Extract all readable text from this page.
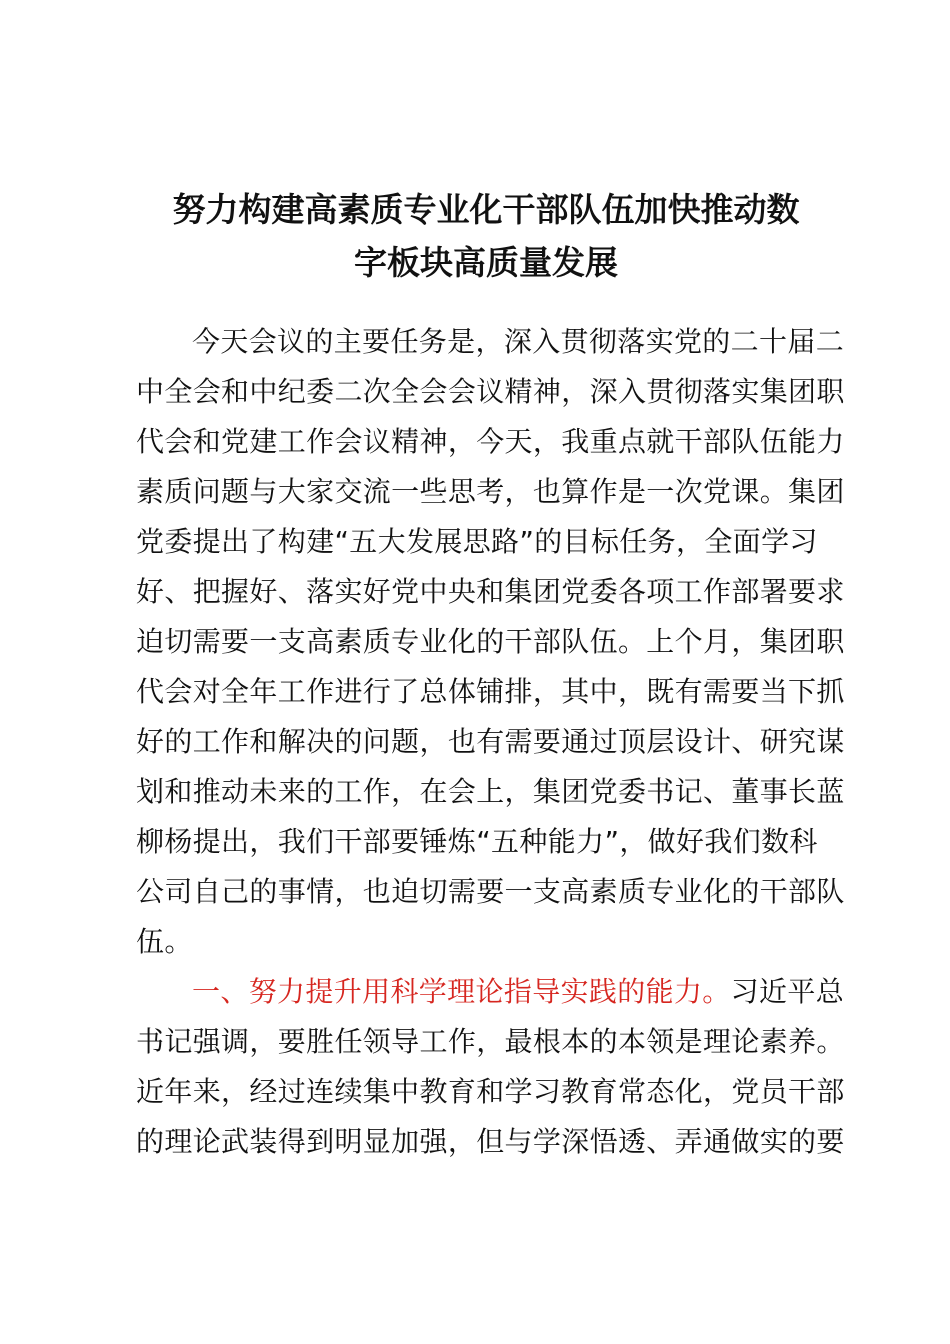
努力构建高素质专业化干部队伍加快推动数
字板块高质量发展

今天会议的主要任务是，深入贯彻落实党的二十届二
中全会和中纪委二次全会会议精神，深入贯彻落实集团职
代会和党建工作会议精神，今天，我重点就干部队伍能力
素质问题与大家交流一些思考，也算作是一次党课。集团
党委提出了构建“五大发展思路”的目标任务，全面学习
好、把握好、落实好党中央和集团党委各项工作部署要求
迫切需要一支高素质专业化的干部队伍。上个月，集团职
代会对全年工作进行了总体铺排，其中，既有需要当下抓
好的工作和解决的问题，也有需要通过顶层设计、研究谋
划和推动未来的工作，在会上，集团党委书记、董事长蓝
柳杨提出，我们干部要锤炼“五种能力”，做好我们数科
公司自己的事情，也迫切需要一支高素质专业化的干部队
伍。

一、努力提升用科学理论指导实践的能力。习近平总
书记强调，要胜任领导工作，最根本的本领是理论素养。
近年来，经过连续集中教育和学习教育常态化，党员干部
的理论武装得到明显加强，但与学深悟透、弄通做实的要
